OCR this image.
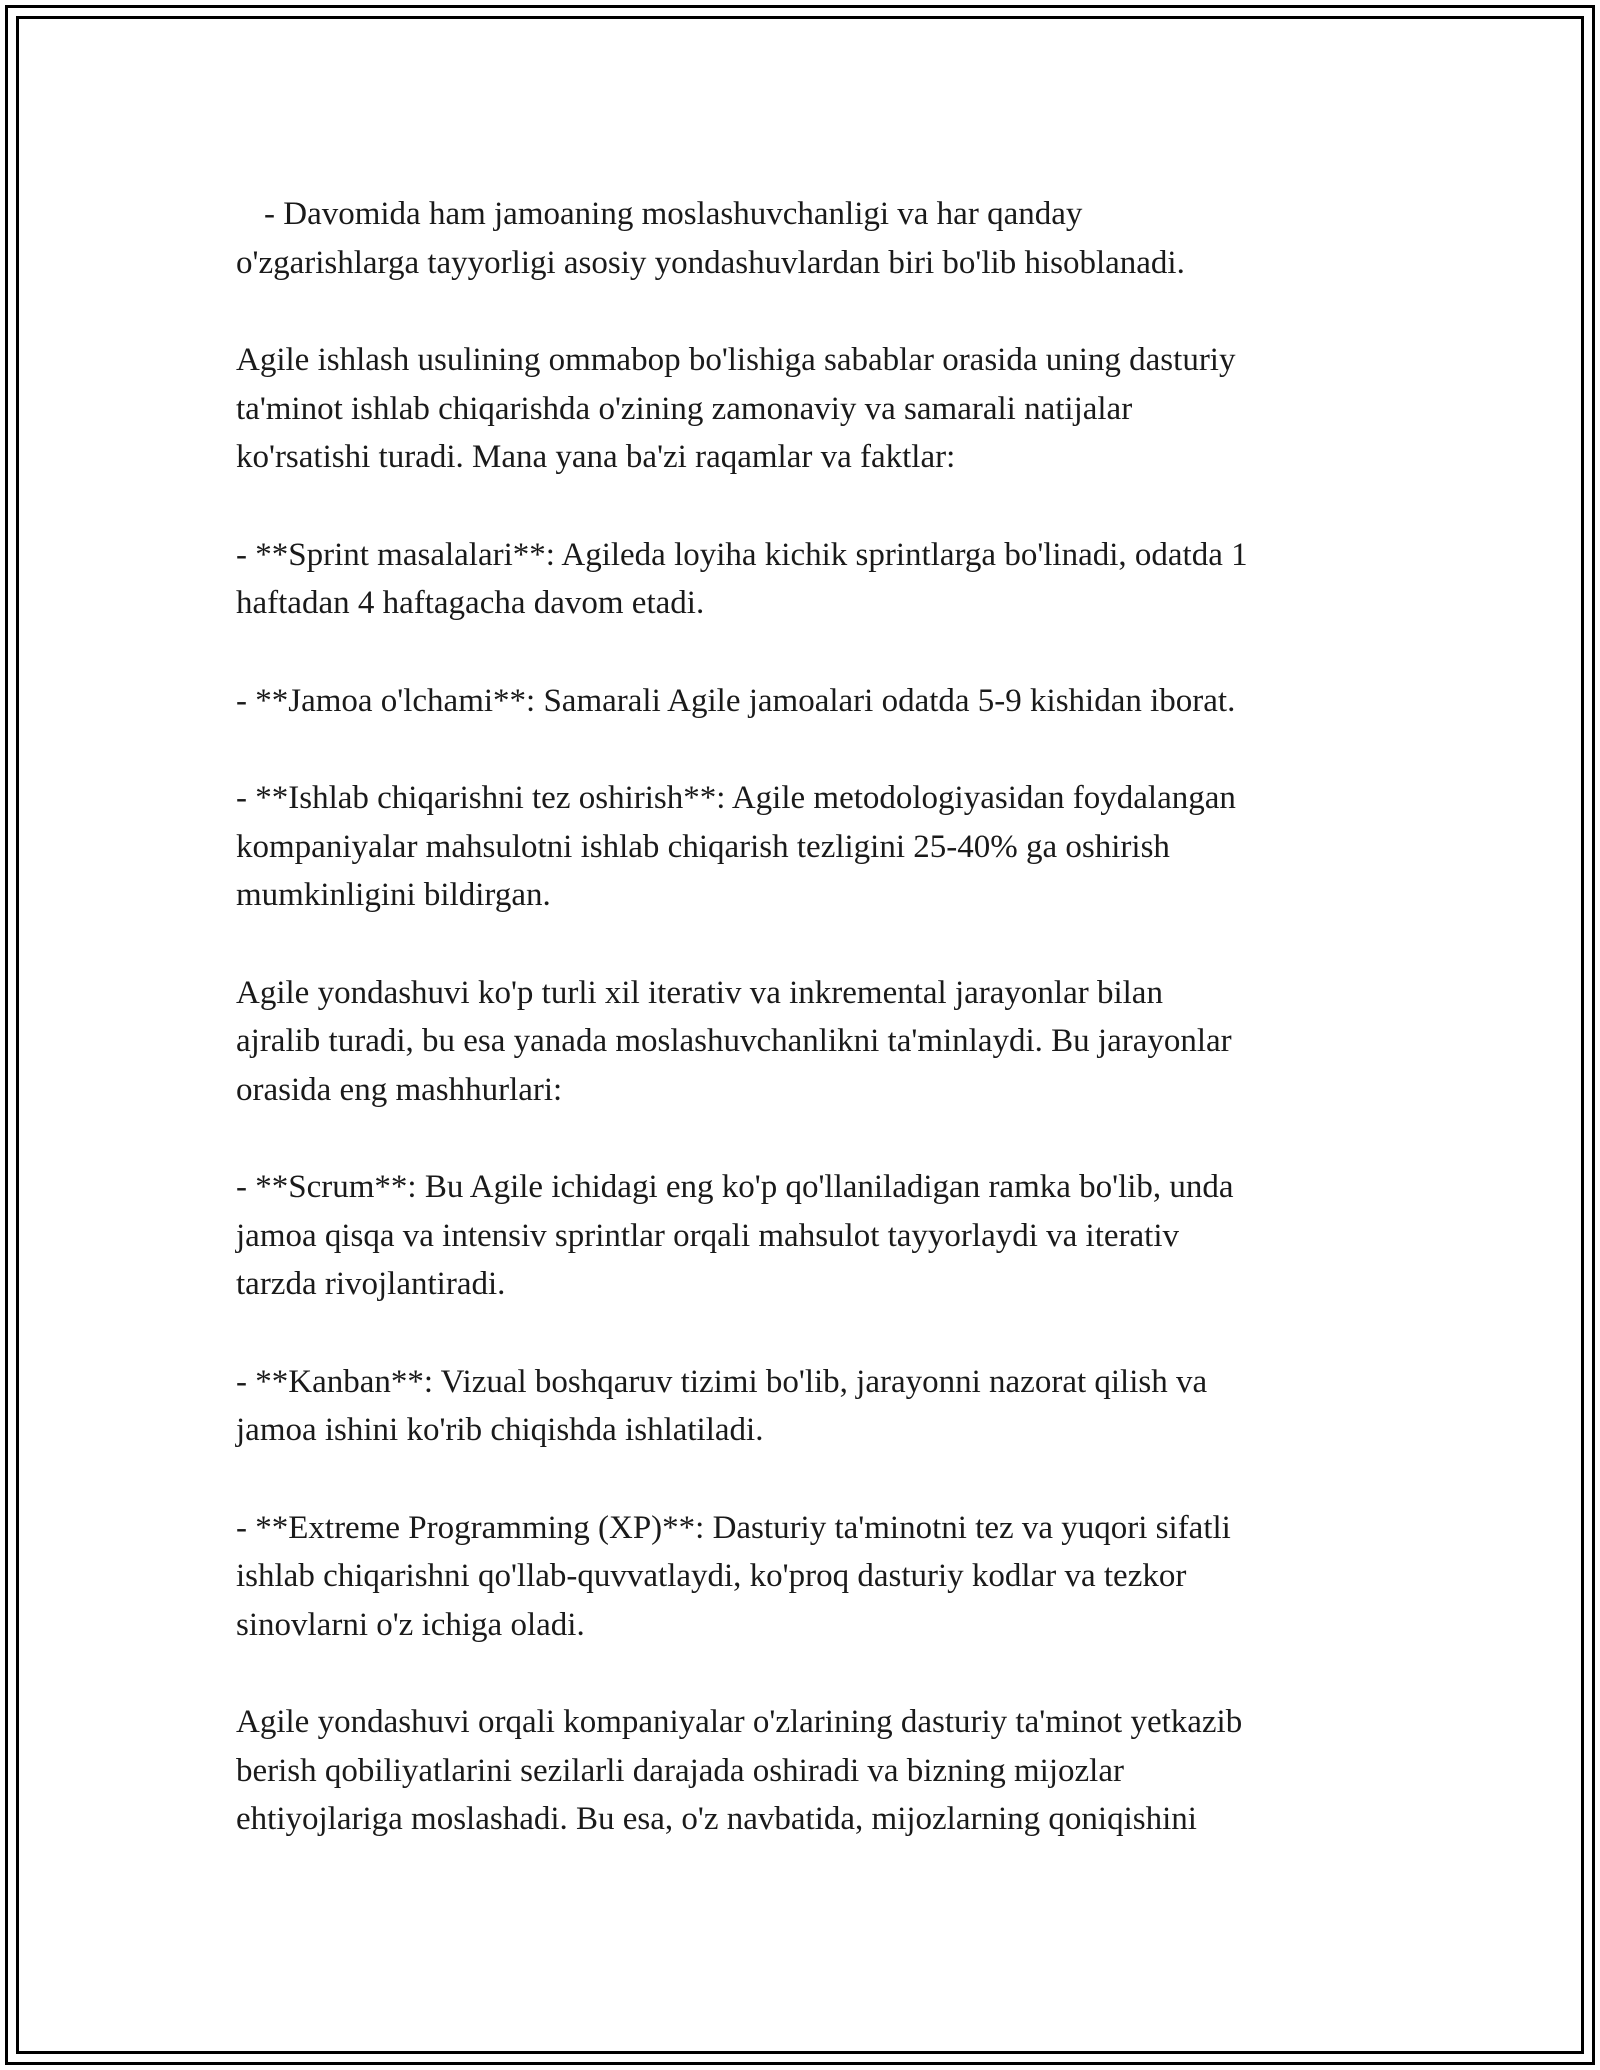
- Davomida ham jamoaning moslashuvchanligi va har qanday
o'zgarishlarga tayyorligi asosiy yondashuvlardan biri bo'lib hisoblanadi.

Agile ishlash usulining ommabop bo'lishiga sabablar orasida uning dasturiy
ta'minot ishlab chiqarishda o'zining zamonaviy va samarali natijalar
ko'rsatishi turadi. Mana yana ba'zi raqamlar va faktlar:

- **Sprint masalalari**: Agileda loyiha kichik sprintlarga bo'linadi, odatda 1
haftadan 4 haftagacha davom etadi.

- **Jamoa o'lchami**: Samarali Agile jamoalari odatda 5-9 kishidan iborat.

- **Ishlab chiqarishni tez oshirish**: Agile metodologiyasidan foydalangan
kompaniyalar mahsulotni ishlab chiqarish tezligini 25-40% ga oshirish
mumkinligini bildirgan.

Agile yondashuvi ko'p turli xil iterativ va inkremental jarayonlar bilan
ajralib turadi, bu esa yanada moslashuvchanlikni ta'minlaydi. Bu jarayonlar
orasida eng mashhurlari:

- **Scrum**: Bu Agile ichidagi eng ko'p qo'llaniladigan ramka bo'lib, unda
jamoa qisqa va intensiv sprintlar orqali mahsulot tayyorlaydi va iterativ
tarzda rivojlantiradi.

- **Kanban**: Vizual boshqaruv tizimi bo'lib, jarayonni nazorat qilish va
jamoa ishini ko'rib chiqishda ishlatiladi.

- **Extreme Programming (XP)**: Dasturiy ta'minotni tez va yuqori sifatli
ishlab chiqarishni qo'llab-quvvatlaydi, ko'proq dasturiy kodlar va tezkor
sinovlarni o'z ichiga oladi.

Agile yondashuvi orqali kompaniyalar o'zlarining dasturiy ta'minot yetkazib
berish qobiliyatlarini sezilarli darajada oshiradi va bizning mijozlar
ehtiyojlariga moslashadi. Bu esa, o'z navbatida, mijozlarning qoniqishini
